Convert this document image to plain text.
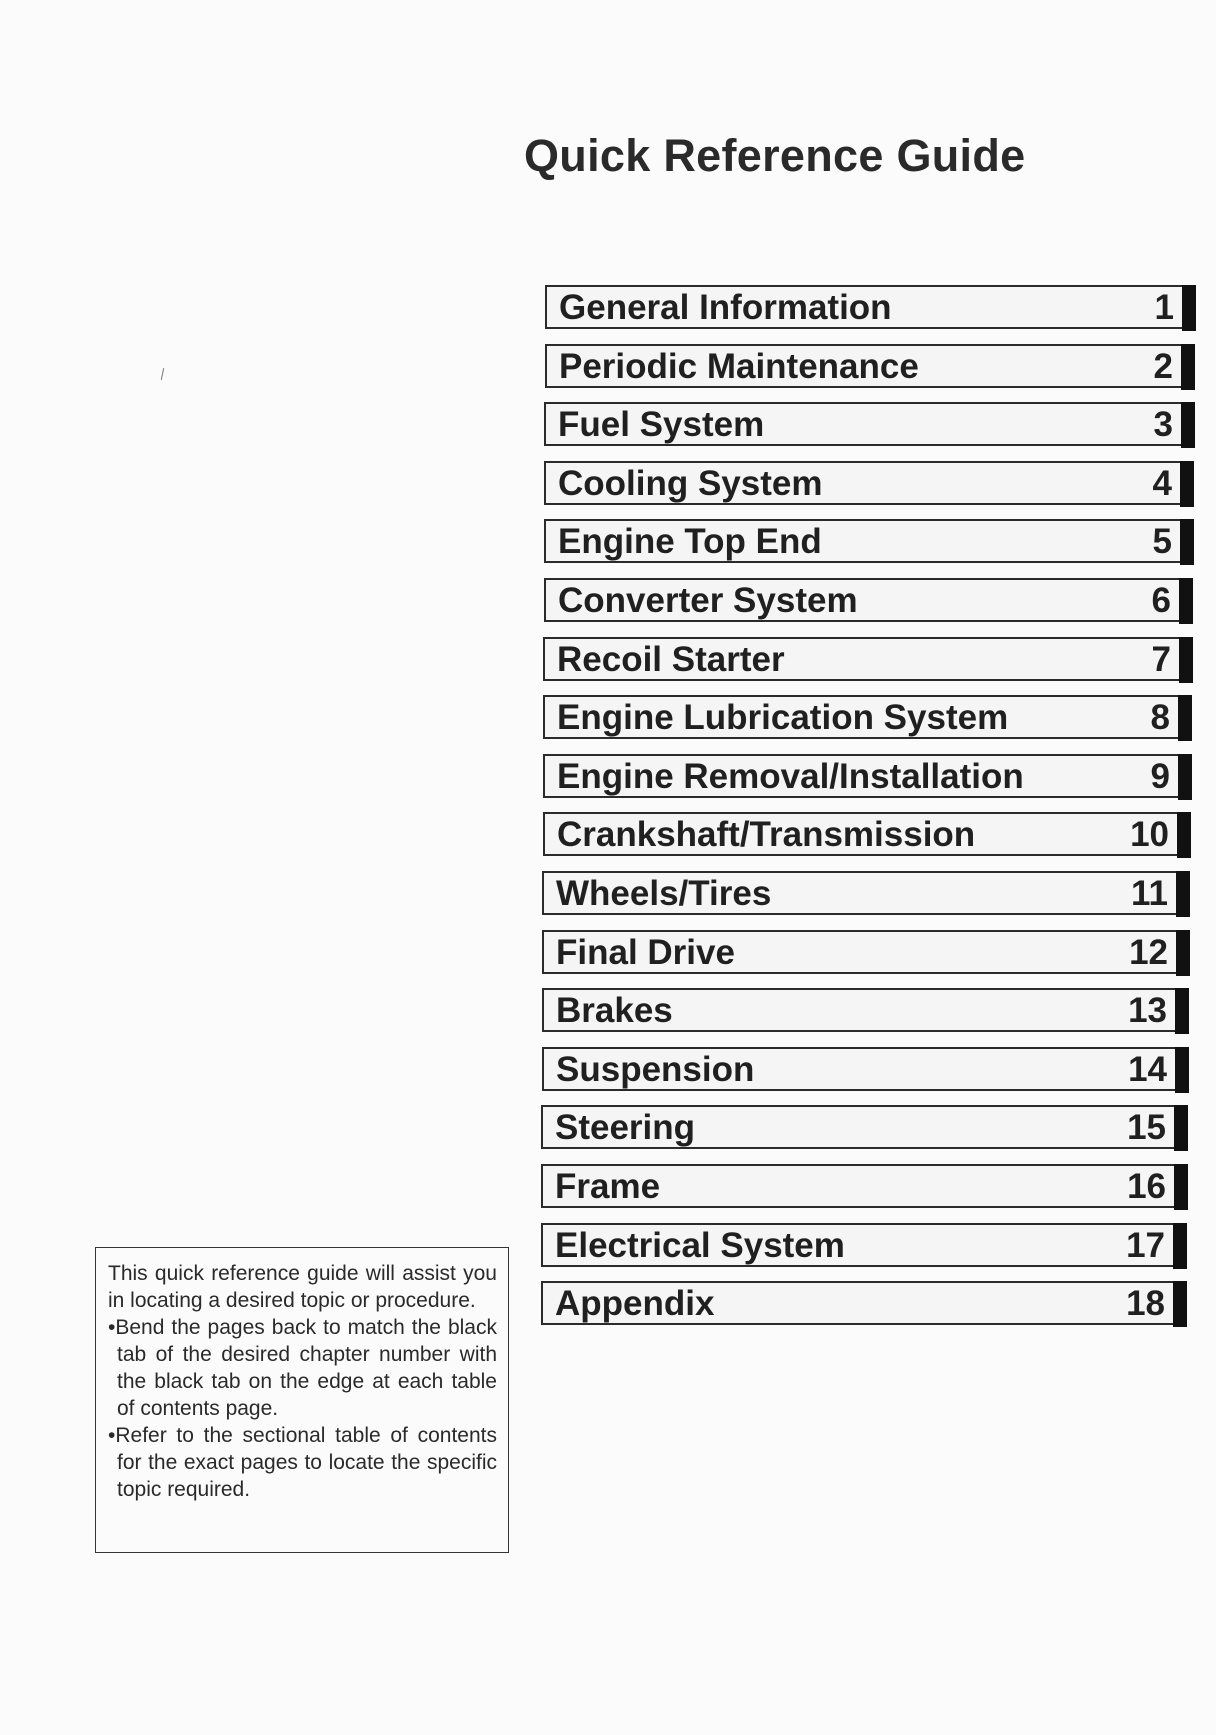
Quick Reference Guide
General Information	1
Periodic Maintenance	2
Fuel System	3
Cooling System	4
Engine Top End	5
Converter System	6
Recoil Starter	7
Engine Lubrication System	8
Engine Removal/Installation	9
Crankshaft/Transmission	10
Wheels/Tires	11
Final Drive	12
Brakes	13
Suspension	14
Steering	15
Frame	16
Electrical System	17
Appendix	18

This quick reference guide will assist you in locating a desired topic or procedure.

•Bend the pages back to match the black tab of the desired chapter number with the black tab on the edge at each table of contents page.

•Refer to the sectional table of contents for the exact pages to locate the specific topic required.
